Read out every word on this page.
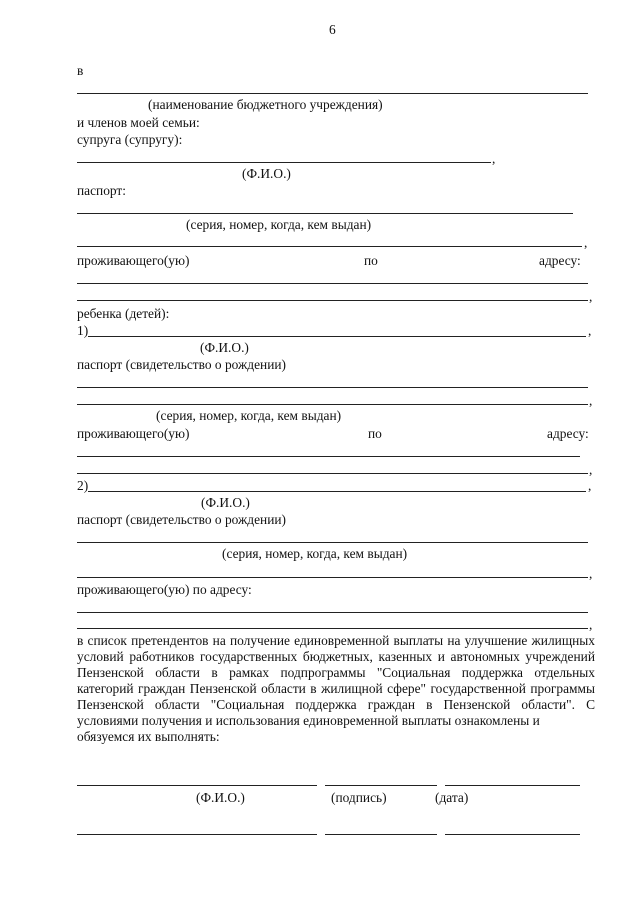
6
в
(наименование бюджетного учреждения)
и членов моей семьи:
супруга (супругу):
,
(Ф.И.О.)
паспорт:
(серия, номер, когда, кем выдан)
,
проживающего(ую)	по	адресу:
,
ребенка (детей):
1)	,
(Ф.И.О.)
паспорт (свидетельство о рождении)
,
(серия, номер, когда, кем выдан)
проживающего(ую)	по	адресу:
,
2)	,
(Ф.И.О.)
паспорт (свидетельство о рождении)
(серия, номер, когда, кем выдан)
,
проживающего(ую) по адресу:
,
в список претендентов на получение единовременной выплаты на улучшение жилищных условий работников государственных бюджетных, казенных и автономных учреждений Пензенской области в рамках подпрограммы "Социальная поддержка отдельных категорий граждан Пензенской области в жилищной сфере" государственной программы Пензенской области "Социальная поддержка граждан в Пензенской области". С условиями получения и использования единовременной выплаты ознакомлены и
обязуемся их выполнять:
(Ф.И.О.)	(подпись)	(дата)
